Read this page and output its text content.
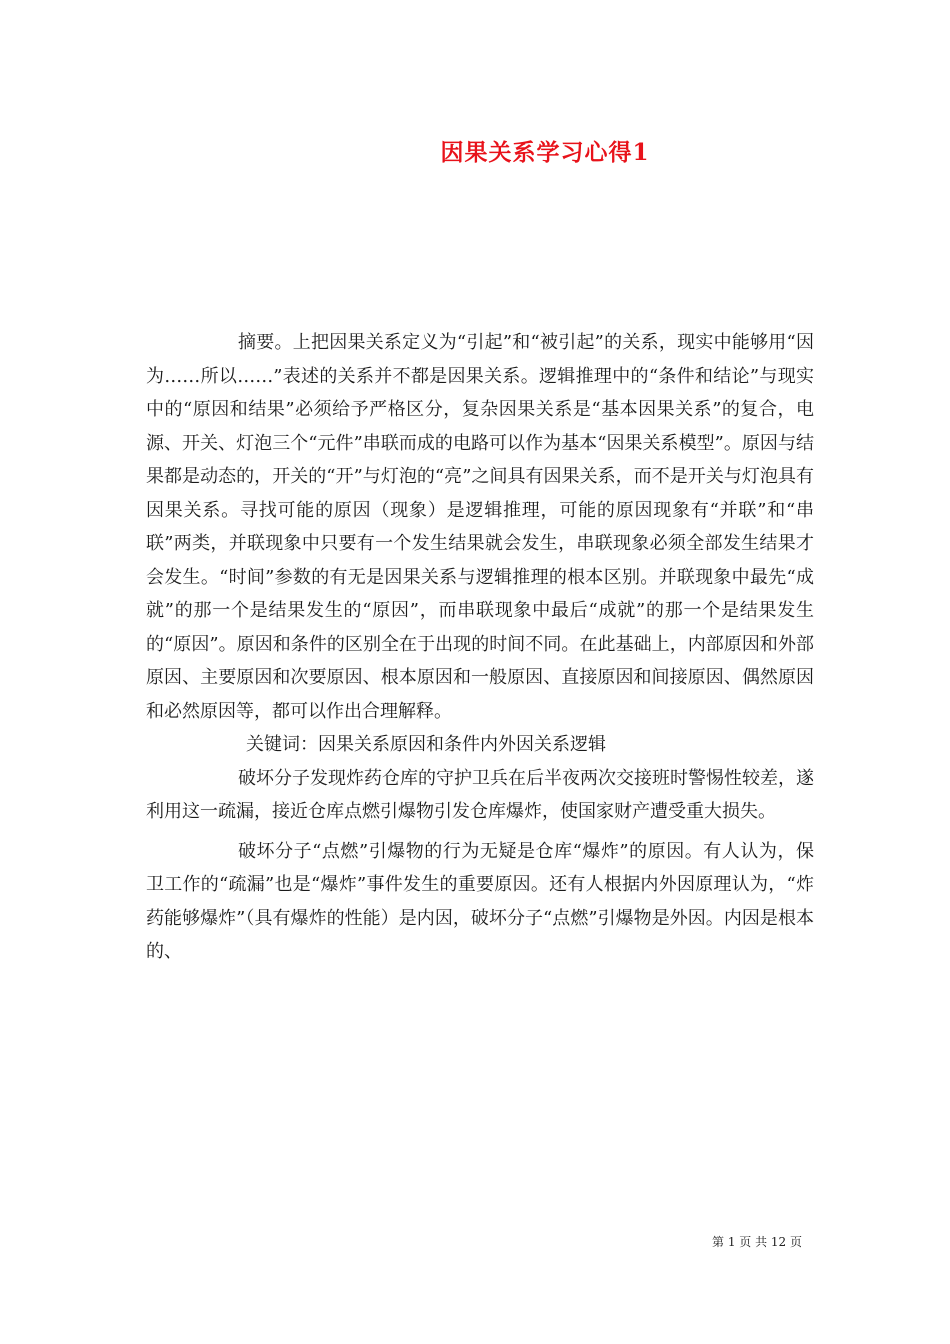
因果关系学习心得1

摘要。上把因果关系定义为“引起”和“被引起”的关系，现实中能够用“因为……所以……”表述的关系并不都是因果关系。逻辑推理中的“条件和结论”与现实中的“原因和结果”必须给予严格区分，复杂因果关系是“基本因果关系”的复合，电源、开关、灯泡三个“元件”串联而成的电路可以作为基本“因果关系模型”。原因与结果都是动态的，开关的“开”与灯泡的“亮”之间具有因果关系，而不是开关与灯泡具有因果关系。寻找可能的原因（现象）是逻辑推理，可能的原因现象有“并联”和“串联”两类，并联现象中只要有一个发生结果就会发生，串联现象必须全部发生结果才会发生。“时间”参数的有无是因果关系与逻辑推理的根本区别。并联现象中最先“成就”的那一个是结果发生的“原因”，而串联现象中最后“成就”的那一个是结果发生的“原因”。原因和条件的区别全在于出现的时间不同。在此基础上，内部原因和外部原因、主要原因和次要原因、根本原因和一般原因、直接原因和间接原因、偶然原因和必然原因等，都可以作出合理解释。

关键词：因果关系原因和条件内外因关系逻辑

破坏分子发现炸药仓库的守护卫兵在后半夜两次交接班时警惕性较差，遂利用这一疏漏，接近仓库点燃引爆物引发仓库爆炸，使国家财产遭受重大损失。

破坏分子“点燃”引爆物的行为无疑是仓库“爆炸”的原因。有人认为，保卫工作的“疏漏”也是“爆炸”事件发生的重要原因。还有人根据内外因原理认为，“炸药能够爆炸”（具有爆炸的性能）是内因，破坏分子“点燃”引爆物是外因。内因是根本的、

第 1 页 共 12 页
